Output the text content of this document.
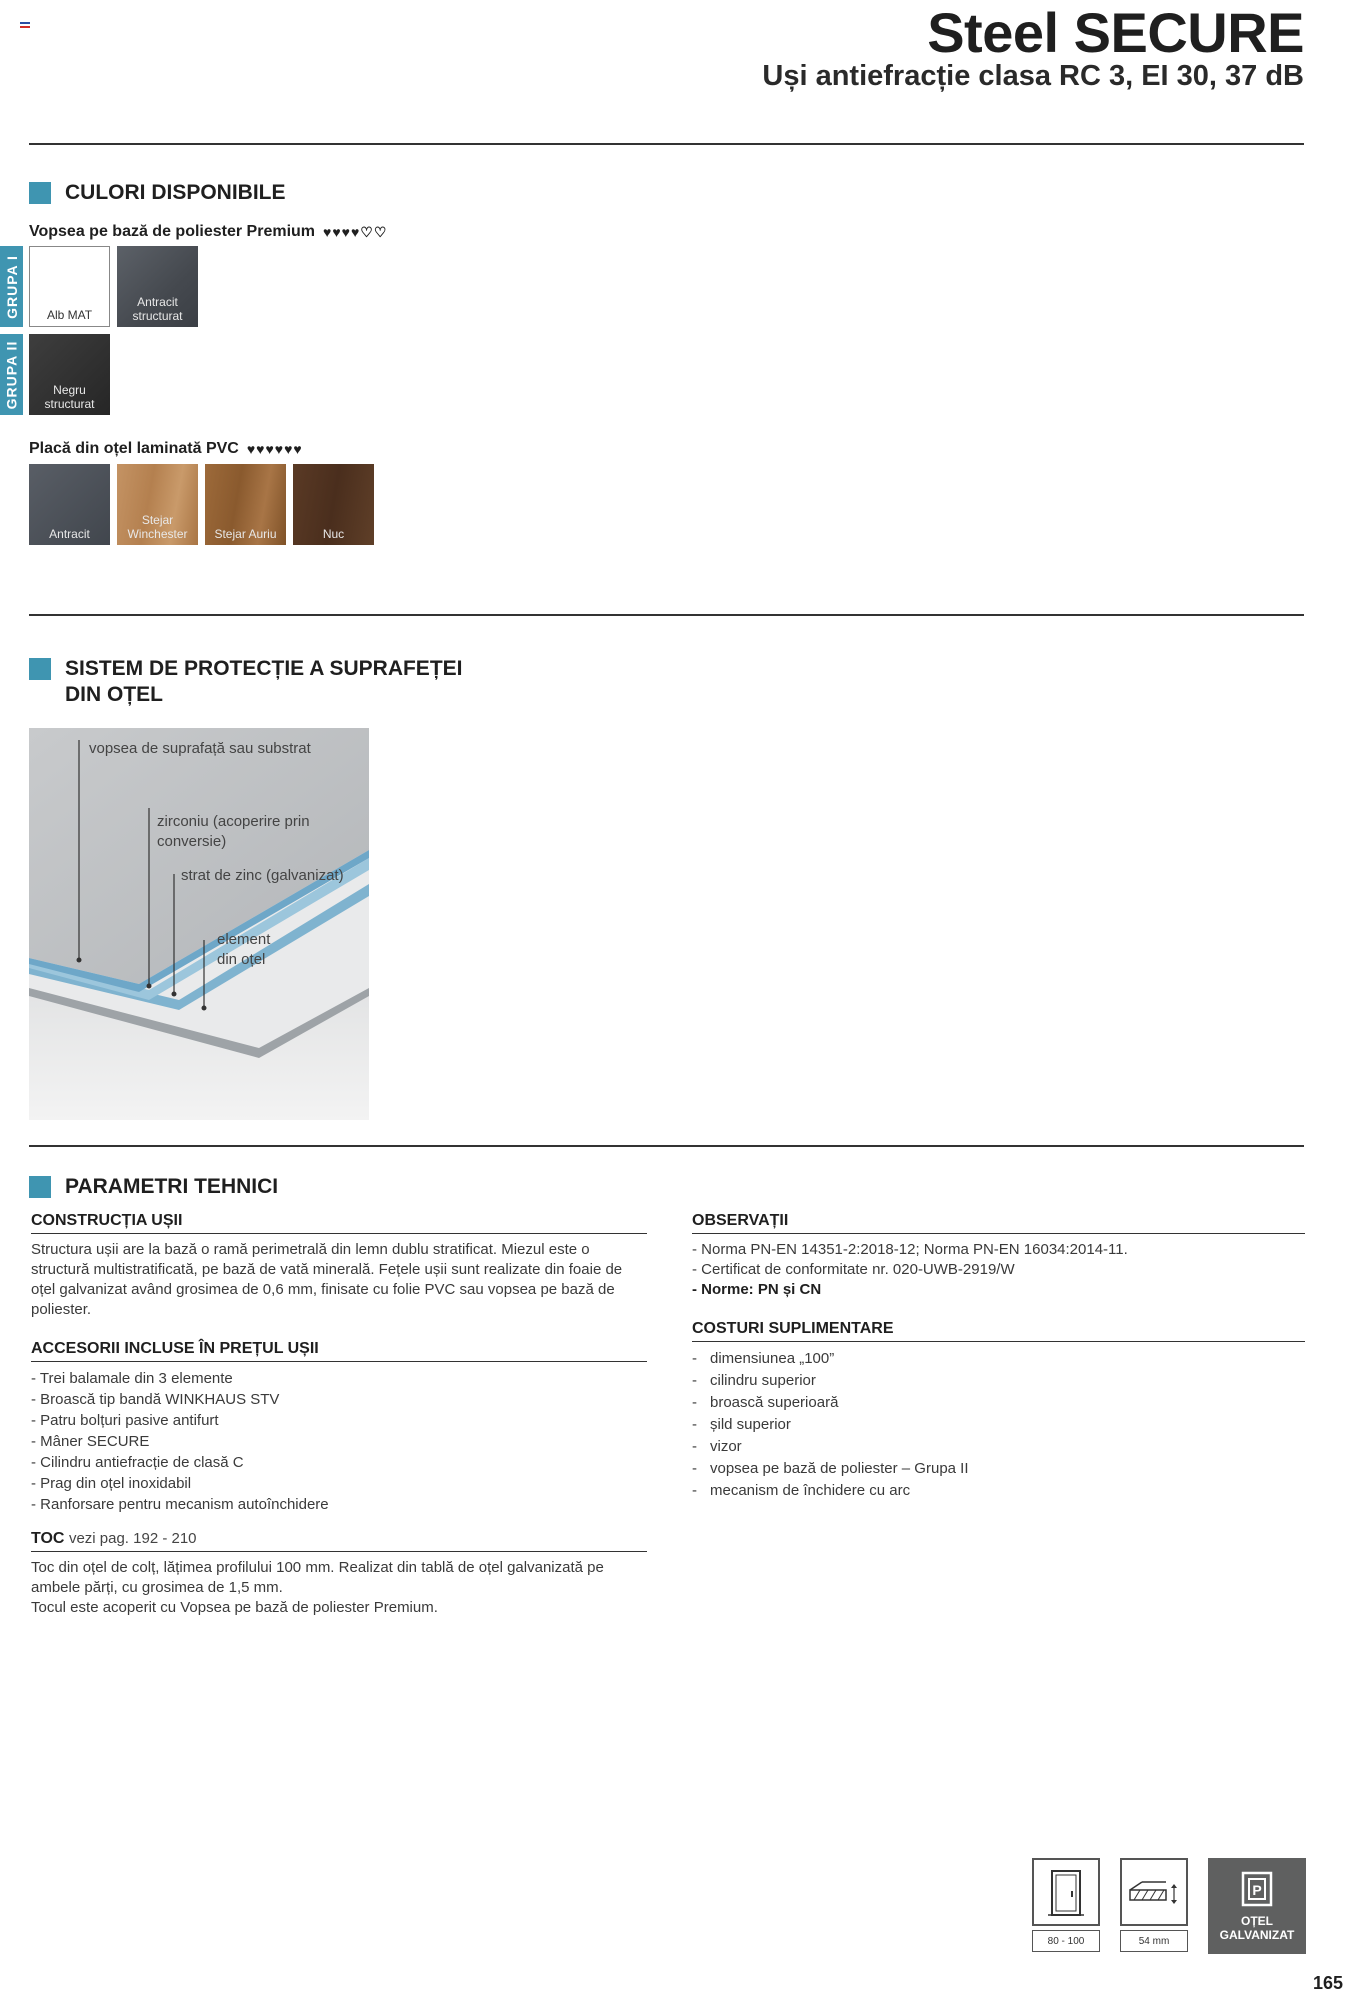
Steel SECURE
Uși antiefracție clasa RC 3, EI 30, 37 dB
CULORI DISPONIBILE
Vopsea pe bază de poliester Premium ♥♥♥♥♡♡
GRUPA I
GRUPA II
Alb MAT
Antracit structurat
Negru structurat
Placă din oțel laminată PVC ♥♥♥♥♥♥
Antracit
Stejar Winchester	Stejar Auriu	Nuc
SISTEM DE PROTECȚIE A SUPRAFEȚEI
DIN OȚEL
vopsea de suprafață sau substrat
zirconiu (acoperire prin
conversie)
strat de zinc (galvanizat)
element
din oțel
PARAMETRI TEHNICI
CONSTRUCȚIA UȘII
Structura ușii are la bază o ramă perimetrală din lemn dublu stratificat. Miezul este o structură multistratificată, pe bază de vată minerală. Fețele ușii sunt realizate din foaie de oțel galvanizat având grosimea de 0,6 mm, finisate cu folie PVC sau vopsea pe bază de poliester.
ACCESORII INCLUSE ÎN PREȚUL UȘII
- Trei balamale din 3 elemente
- Broască tip bandă WINKHAUS STV
- Patru bolțuri pasive antifurt
- Mâner SECURE
- Cilindru antiefracție de clasă C
- Prag din oțel inoxidabil
- Ranforsare pentru mecanism autoînchidere
TOC vezi pag. 192 - 210
Toc din oțel de colț, lățimea profilului 100 mm. Realizat din tablă de oțel galvanizată pe ambele părți, cu grosimea de 1,5 mm.
Tocul este acoperit cu Vopsea pe bază de poliester Premium.
OBSERVAȚII
- Norma PN-EN 14351-2:2018-12; Norma PN-EN 16034:2014-11.
- Certificat de conformitate nr. 020-UWB-2919/W
- Norme: PN și CN
COSTURI SUPLIMENTARE
- dimensiunea „100”
- cilindru superior
- broască superioară
- șild superior
- vizor
- vopsea pe bază de poliester – Grupa II
- mecanism de închidere cu arc
80 - 100	54 mm
P
OȚEL
GALVANIZAT
165
